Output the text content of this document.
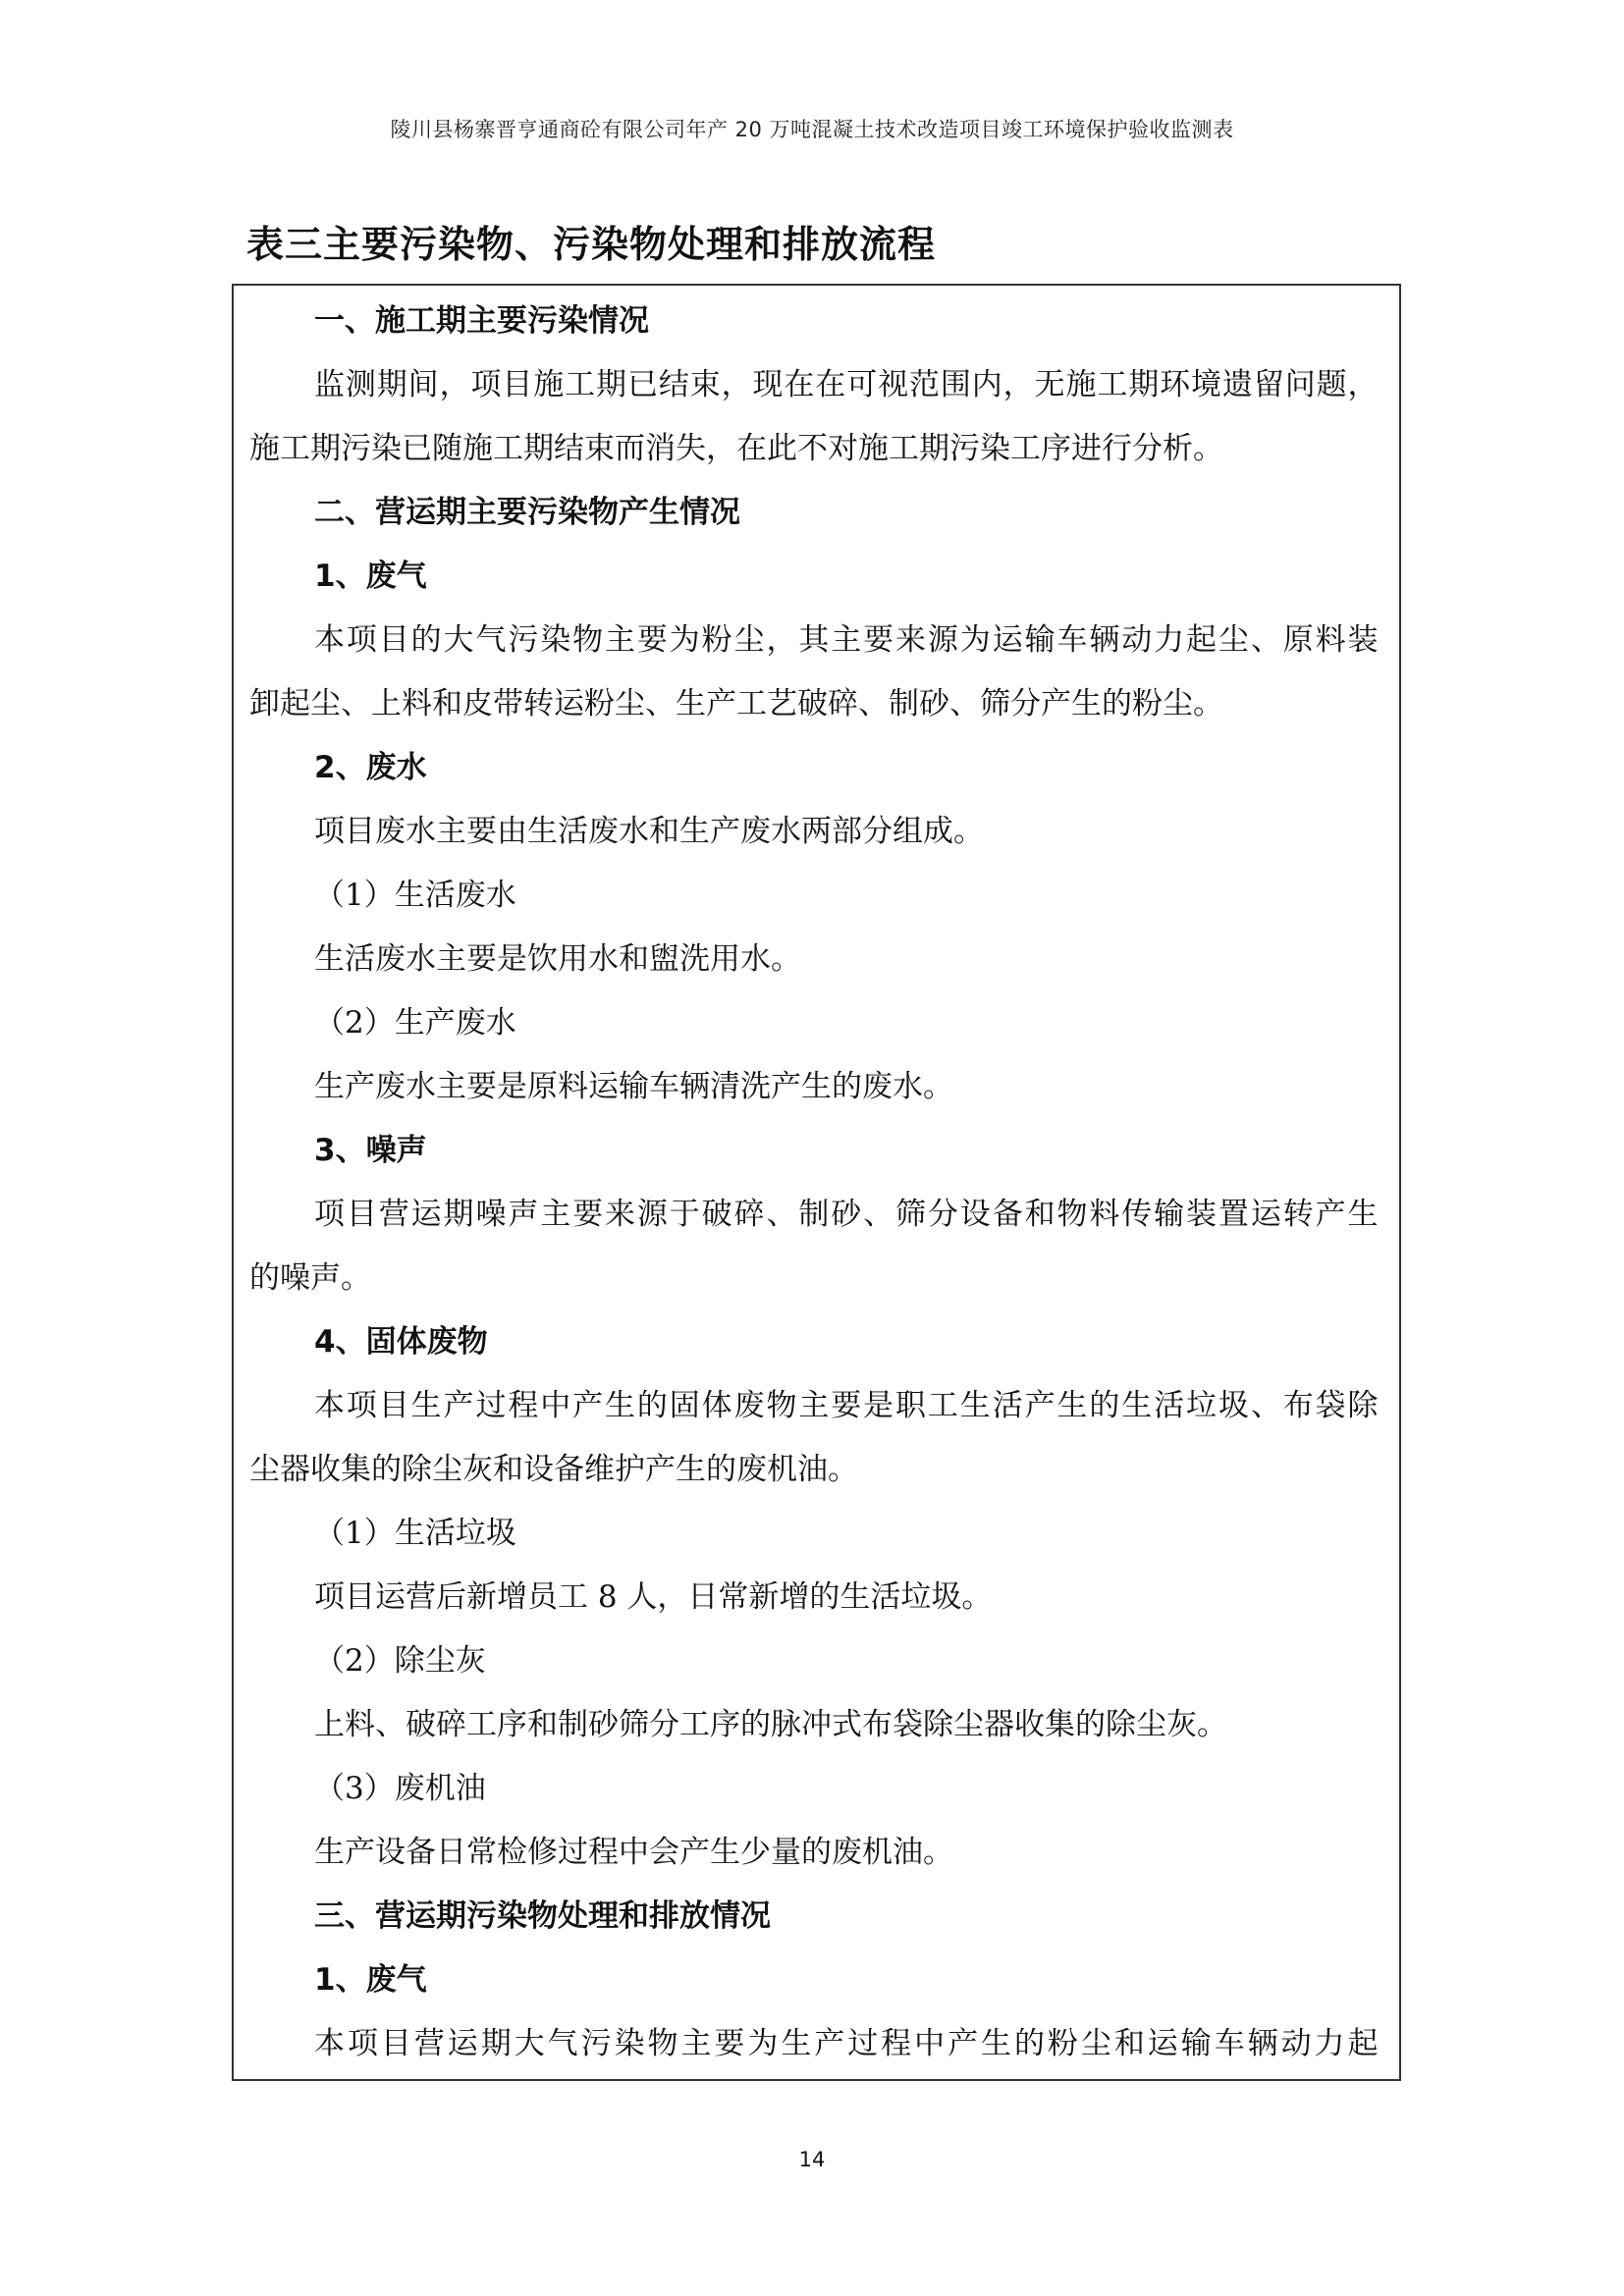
陵川县杨寨晋亨通商砼有限公司年产 20 万吨混凝土技术改造项目竣工环境保护验收监测表
表三主要污染物、污染物处理和排放流程
一、施工期主要污染情况
监测期间，项目施工期已结束，现在在可视范围内，无施工期环境遗留问题，
施工期污染已随施工期结束而消失，在此不对施工期污染工序进行分析。
二、营运期主要污染物产生情况
1、废气
本项目的大气污染物主要为粉尘，其主要来源为运输车辆动力起尘、原料装
卸起尘、上料和皮带转运粉尘、生产工艺破碎、制砂、筛分产生的粉尘。
2、废水
项目废水主要由生活废水和生产废水两部分组成。
（1）生活废水
生活废水主要是饮用水和盥洗用水。
（2）生产废水
生产废水主要是原料运输车辆清洗产生的废水。
3、噪声
项目营运期噪声主要来源于破碎、制砂、筛分设备和物料传输装置运转产生
的噪声。
4、固体废物
本项目生产过程中产生的固体废物主要是职工生活产生的生活垃圾、布袋除
尘器收集的除尘灰和设备维护产生的废机油。
（1）生活垃圾
项目运营后新增员工 8 人，日常新增的生活垃圾。
（2）除尘灰
上料、破碎工序和制砂筛分工序的脉冲式布袋除尘器收集的除尘灰。
（3）废机油
生产设备日常检修过程中会产生少量的废机油。
三、营运期污染物处理和排放情况
1、废气
本项目营运期大气污染物主要为生产过程中产生的粉尘和运输车辆动力起
14
